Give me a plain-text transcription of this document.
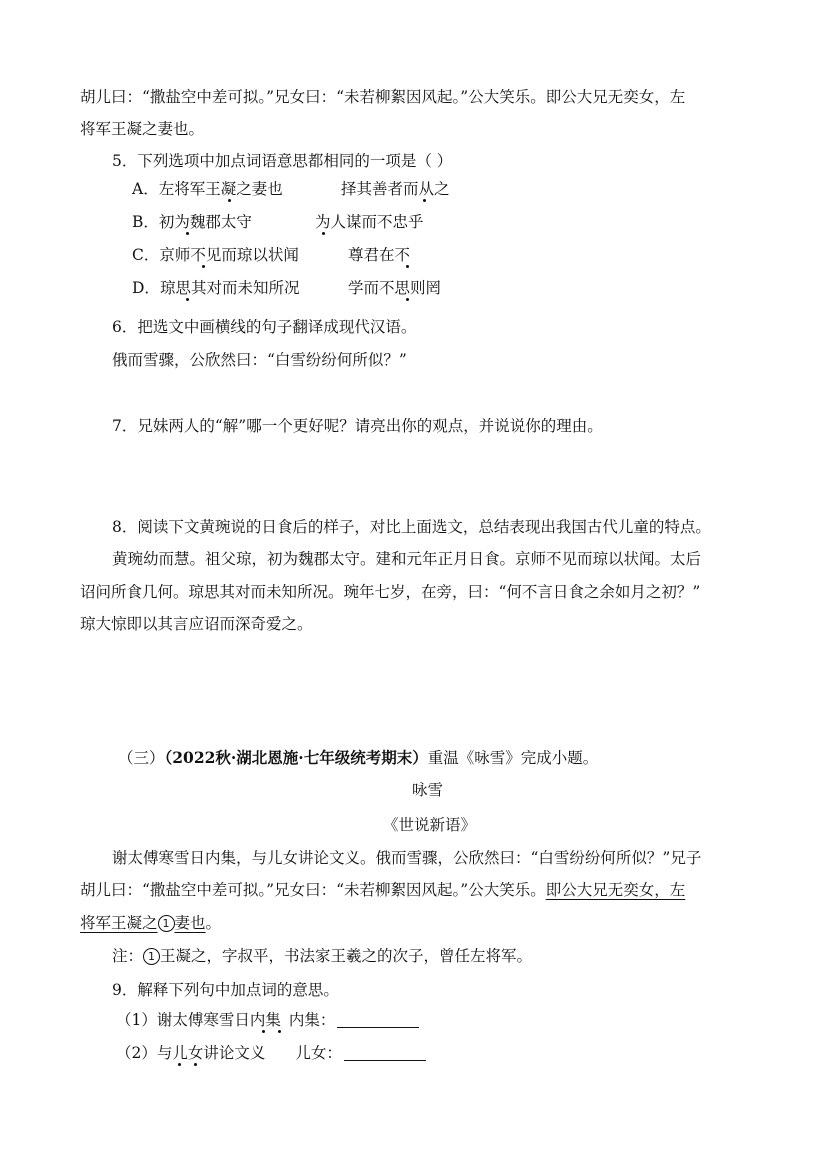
胡儿曰：“撒盐空中差可拟。”兄女曰：“未若柳絮因风起。”公大笑乐。即公大兄无奕女，左
将军王凝之妻也。
5．下列选项中加点词语意思都相同的一项是（ ）
A．左将军王凝之妻也	择其善者而从之
B．初为魏郡太守	为人谋而不忠乎
C．京师不见而琼以状闻	尊君在不
D．琼思其对而未知所况	学而不思则罔
6．把选文中画横线的句子翻译成现代汉语。
俄而雪骤，公欣然曰：“白雪纷纷何所似？”
7．兄妹两人的“解”哪一个更好呢？请亮出你的观点，并说说你的理由。
8．阅读下文黄琬说的日食后的样子，对比上面选文，总结表现出我国古代儿童的特点。
黄琬幼而慧。祖父琼，初为魏郡太守。建和元年正月日食。京师不见而琼以状闻。太后
诏问所食几何。琼思其对而未知所况。琬年七岁，在旁，曰：“何不言日食之余如月之初？”
琼大惊即以其言应诏而深奇爱之。
（三）（2022秋·湖北恩施·七年级统考期末）重温《咏雪》完成小题。
咏雪
《世说新语》
谢太傅寒雪日内集，与儿女讲论文义。俄而雪骤，公欣然曰：“白雪纷纷何所似？”兄子
胡儿曰：“撒盐空中差可拟。”兄女曰：“未若柳絮因风起。”公大笑乐。即公大兄无奕女，左
将军王凝之 1 妻也。
注： 1 王凝之，字叔平，书法家王羲之的次子，曾任左将军。
9．解释下列句中加点词的意思。
（1）谢太傅寒雪日内集 内集：
（2）与儿女讲论文义 儿女：
